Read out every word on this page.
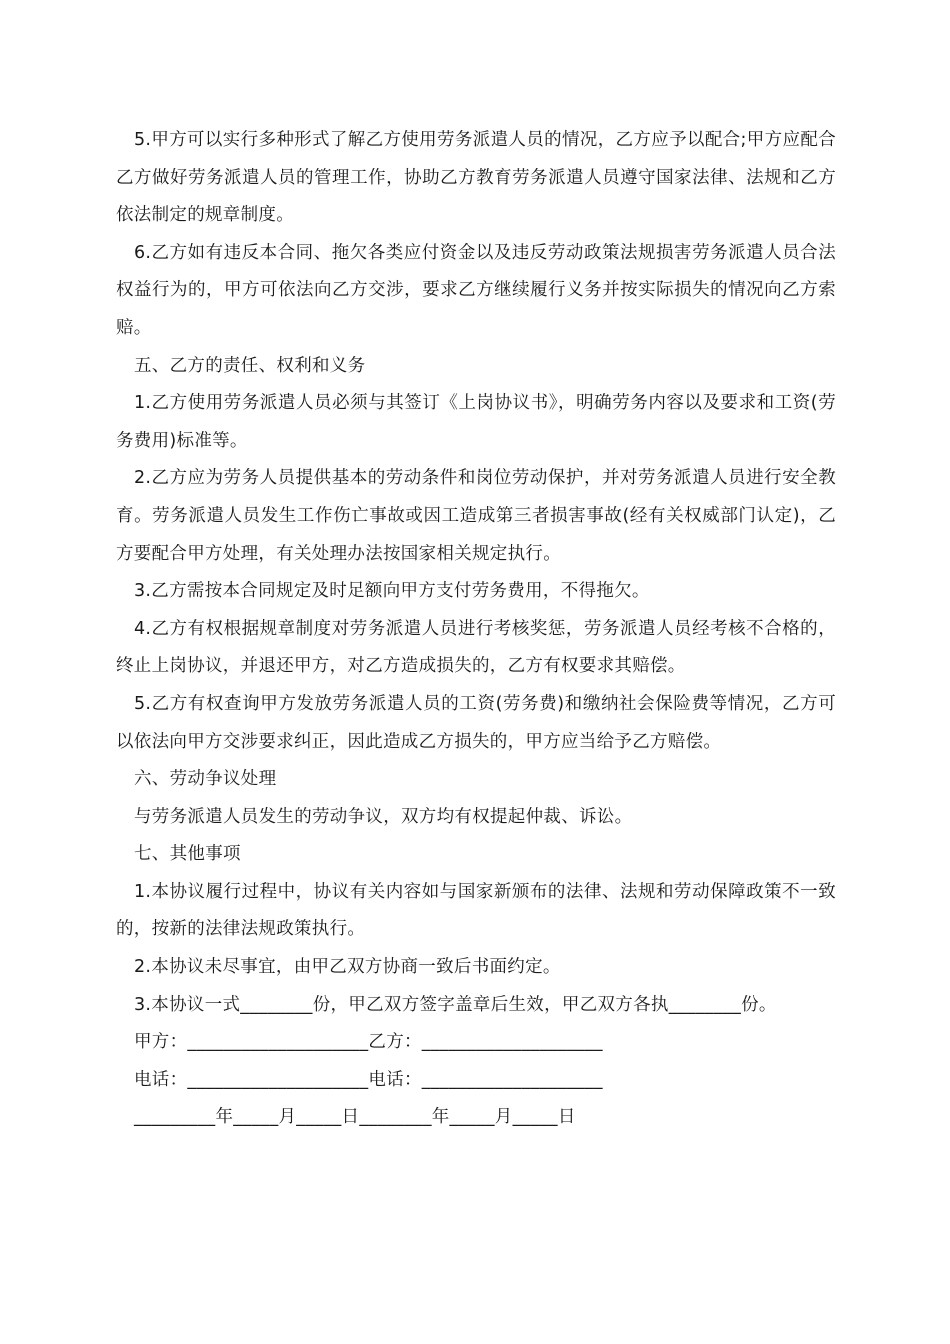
5.甲方可以实行多种形式了解乙方使用劳务派遣人员的情况，乙方应予以配合;甲方应配合乙方做好劳务派遣人员的管理工作，协助乙方教育劳务派遣人员遵守国家法律、法规和乙方依法制定的规章制度。

6.乙方如有违反本合同、拖欠各类应付资金以及违反劳动政策法规损害劳务派遣人员合法权益行为的，甲方可依法向乙方交涉，要求乙方继续履行义务并按实际损失的情况向乙方索赔。

五、乙方的责任、权利和义务

1.乙方使用劳务派遣人员必须与其签订《上岗协议书》，明确劳务内容以及要求和工资(劳务费用)标准等。

2.乙方应为劳务人员提供基本的劳动条件和岗位劳动保护，并对劳务派遣人员进行安全教育。劳务派遣人员发生工作伤亡事故或因工造成第三者损害事故(经有关权威部门认定)，乙方要配合甲方处理，有关处理办法按国家相关规定执行。

3.乙方需按本合同规定及时足额向甲方支付劳务费用，不得拖欠。

4.乙方有权根据规章制度对劳务派遣人员进行考核奖惩，劳务派遣人员经考核不合格的，终止上岗协议，并退还甲方，对乙方造成损失的，乙方有权要求其赔偿。

5.乙方有权查询甲方发放劳务派遣人员的工资(劳务费)和缴纳社会保险费等情况，乙方可以依法向甲方交涉要求纠正，因此造成乙方损失的，甲方应当给予乙方赔偿。

六、劳动争议处理

与劳务派遣人员发生的劳动争议，双方均有权提起仲裁、诉讼。

七、其他事项

1.本协议履行过程中，协议有关内容如与国家新颁布的法律、法规和劳动保障政策不一致的，按新的法律法规政策执行。

2.本协议未尽事宜，由甲乙双方协商一致后书面约定。

3.本协议一式________份，甲乙双方签字盖章后生效，甲乙双方各执________份。

甲方：____________________乙方：____________________

电话：____________________电话：____________________

_________年_____月_____日________年_____月_____日
